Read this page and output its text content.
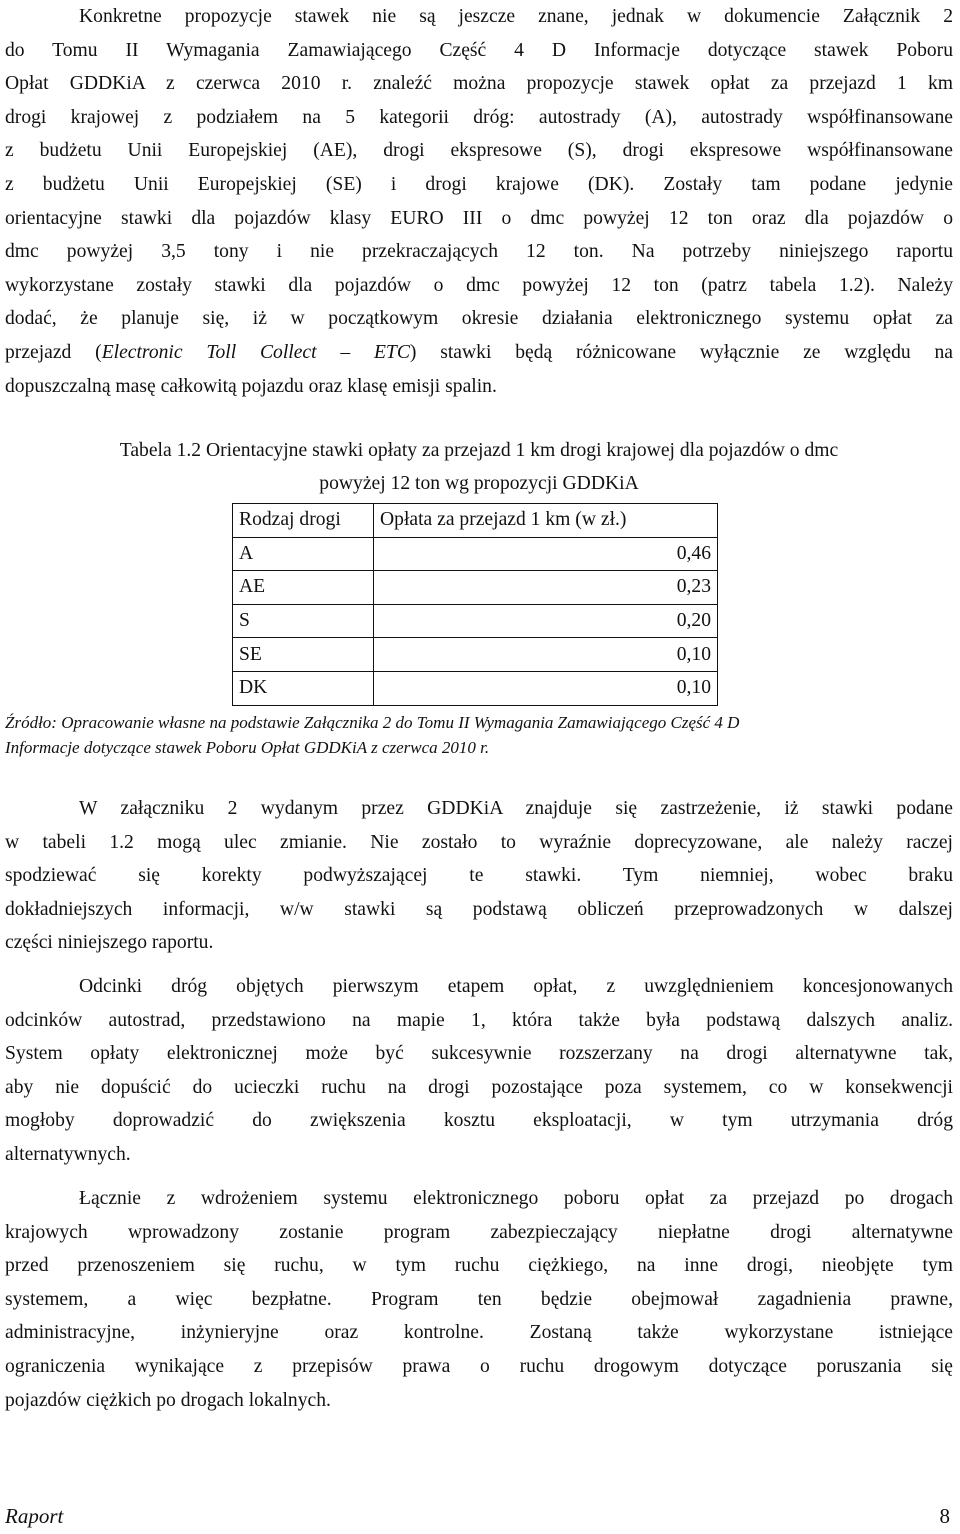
Konkretne propozycje stawek nie są jeszcze znane, jednak w dokumencie Załącznik 2
do Tomu II Wymagania Zamawiającego Część 4 D Informacje dotyczące stawek Poboru
Opłat GDDKiA z czerwca 2010 r. znaleźć można propozycje stawek opłat za przejazd 1 km
drogi krajowej z podziałem na 5 kategorii dróg: autostrady (A), autostrady współfinansowane
z budżetu Unii Europejskiej (AE), drogi ekspresowe (S), drogi ekspresowe współfinansowane
z budżetu Unii Europejskiej (SE) i drogi krajowe (DK). Zostały tam podane jedynie
orientacyjne stawki dla pojazdów klasy EURO III o dmc powyżej 12 ton oraz dla pojazdów o
dmc powyżej 3,5 tony i nie przekraczających 12 ton. Na potrzeby niniejszego raportu
wykorzystane zostały stawki dla pojazdów o dmc powyżej 12 ton (patrz tabela 1.2). Należy
dodać, że planuje się, iż w początkowym okresie działania elektronicznego systemu opłat za
przejazd (Electronic Toll Collect – ETC) stawki będą różnicowane wyłącznie ze względu na
dopuszczalną masę całkowitą pojazdu oraz klasę emisji spalin.
Tabela 1.2 Orientacyjne stawki opłaty za przejazd 1 km drogi krajowej dla pojazdów o dmc
powyżej 12 ton wg propozycji GDDKiA
Rodzaj drogi	Opłata za przejazd 1 km (w zł.)
A	0,46
AE	0,23
S	0,20
SE	0,10
DK	0,10
Źródło: Opracowanie własne na podstawie Załącznika 2 do Tomu II Wymagania Zamawiającego Część 4 D
Informacje dotyczące stawek Poboru Opłat GDDKiA z czerwca 2010 r.
W załączniku 2 wydanym przez GDDKiA znajduje się zastrzeżenie, iż stawki podane
w tabeli 1.2 mogą ulec zmianie. Nie zostało to wyraźnie doprecyzowane, ale należy raczej
spodziewać się korekty podwyższającej te stawki. Tym niemniej, wobec braku
dokładniejszych informacji, w/w stawki są podstawą obliczeń przeprowadzonych w dalszej
części niniejszego raportu.
Odcinki dróg objętych pierwszym etapem opłat, z uwzględnieniem koncesjonowanych
odcinków autostrad, przedstawiono na mapie 1, która także była podstawą dalszych analiz.
System opłaty elektronicznej może być sukcesywnie rozszerzany na drogi alternatywne tak,
aby nie dopuścić do ucieczki ruchu na drogi pozostające poza systemem, co w konsekwencji
mogłoby doprowadzić do zwiększenia kosztu eksploatacji, w tym utrzymania dróg
alternatywnych.
Łącznie z wdrożeniem systemu elektronicznego poboru opłat za przejazd po drogach
krajowych wprowadzony zostanie program zabezpieczający niepłatne drogi alternatywne
przed przenoszeniem się ruchu, w tym ruchu ciężkiego, na inne drogi, nieobjęte tym
systemem, a więc bezpłatne. Program ten będzie obejmował zagadnienia prawne,
administracyjne, inżynieryjne oraz kontrolne. Zostaną także wykorzystane istniejące
ograniczenia wynikające z przepisów prawa o ruchu drogowym dotyczące poruszania się
pojazdów ciężkich po drogach lokalnych.
Raport	8
